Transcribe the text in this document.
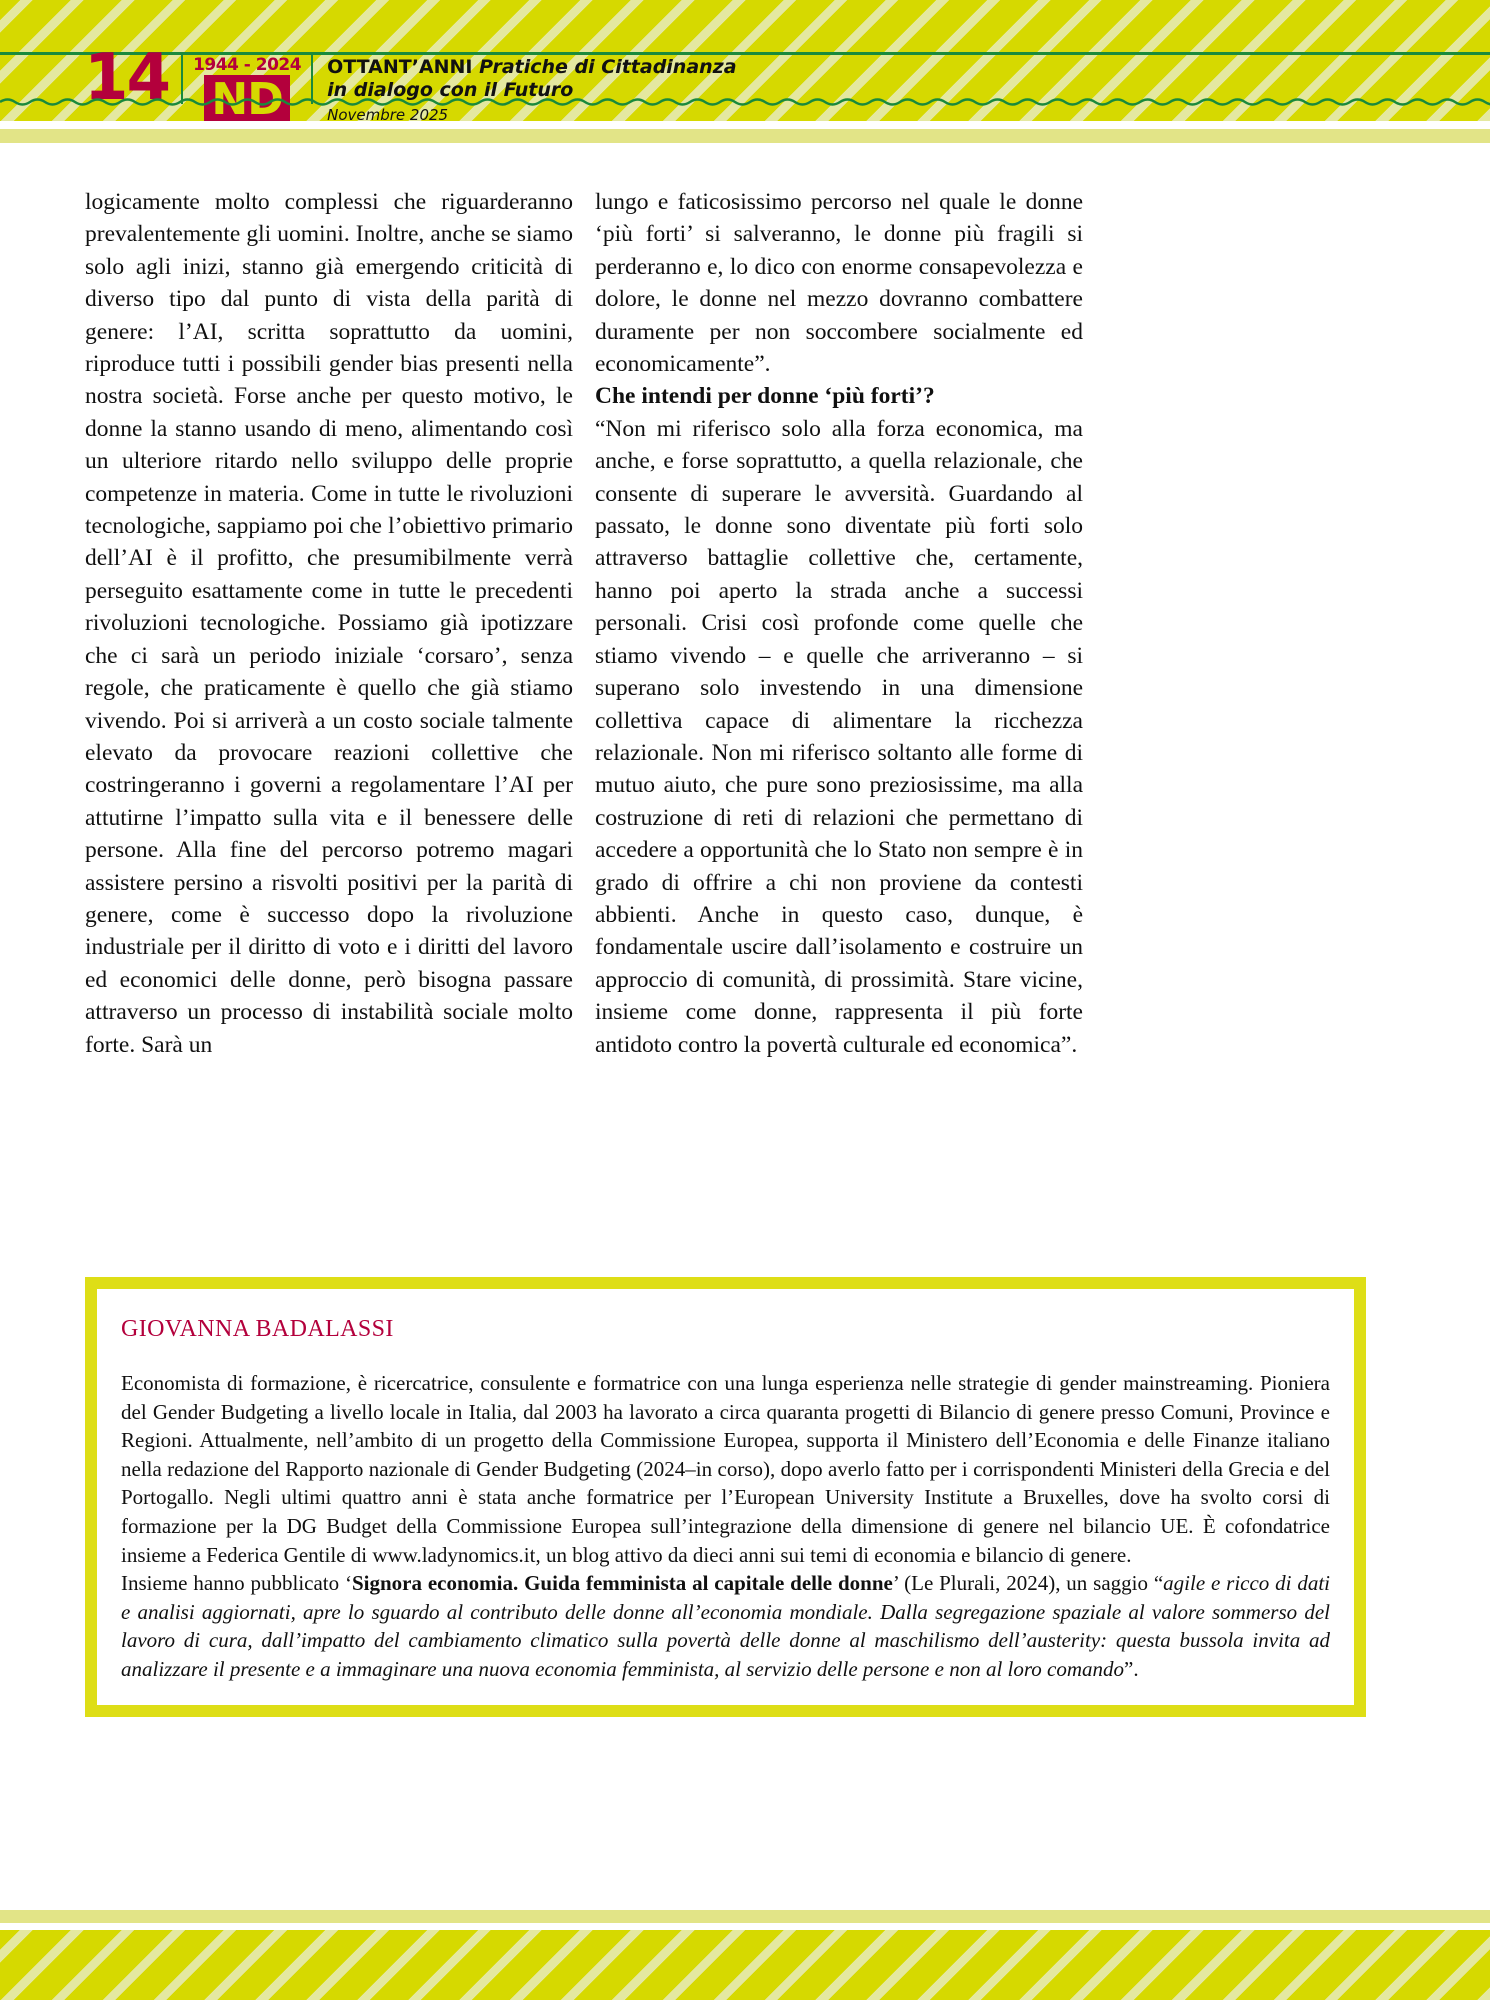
14	1944 - 2024
ND
OTTANT’ANNI Pratiche di Cittadinanza
in dialogo con il Futuro
Novembre 2025

logicamente molto complessi che riguarderanno prevalentemente gli uomini. Inoltre, anche se siamo solo agli inizi, stanno già emergendo criticità di diverso tipo dal punto di vista della parità di genere: l’AI, scritta soprattutto da uomini, riproduce tutti i possibili gender bias presenti nella nostra società. Forse anche per questo motivo, le donne la stanno usando di meno, alimentando così un ulteriore ritardo nello sviluppo delle proprie competenze in materia. Come in tutte le rivoluzioni tecnologiche, sappiamo poi che l’obiettivo primario dell’AI è il profitto, che presumibilmente verrà perseguito esattamente come in tutte le precedenti rivoluzioni tecnologiche. Possiamo già ipotizzare che ci sarà un periodo iniziale ‘corsaro’, senza regole, che praticamente è quello che già stiamo vivendo. Poi si arriverà a un costo sociale talmente elevato da provocare reazioni collettive che costringeranno i governi a regolamentare l’AI per attutirne l’impatto sulla vita e il benessere delle persone. Alla fine del percorso potremo magari assistere persino a risvolti positivi per la parità di genere, come è successo dopo la rivoluzione industriale per il diritto di voto e i diritti del lavoro ed economici delle donne, però bisogna passare attraverso un processo di instabilità sociale molto forte. Sarà un

lungo e faticosissimo percorso nel quale le donne ‘più forti’ si salveranno, le donne più fragili si perderanno e, lo dico con enorme consapevolezza e dolore, le donne nel mezzo dovranno combattere duramente per non soccombere socialmente ed economicamente”.

Che intendi per donne ‘più forti’?

“Non mi riferisco solo alla forza economica, ma anche, e forse soprattutto, a quella relazionale, che consente di superare le avversità. Guardando al passato, le donne sono diventate più forti solo attraverso battaglie collettive che, certamente, hanno poi aperto la strada anche a successi personali. Crisi così profonde come quelle che stiamo vivendo – e quelle che arriveranno – si superano solo investendo in una dimensione collettiva capace di alimentare la ricchezza relazionale. Non mi riferisco soltanto alle forme di mutuo aiuto, che pure sono preziosissime, ma alla costruzione di reti di relazioni che permettano di accedere a opportunità che lo Stato non sempre è in grado di offrire a chi non proviene da contesti abbienti. Anche in questo caso, dunque, è fondamentale uscire dall’isolamento e costruire un approccio di comunità, di prossimità. Stare vicine, insieme come donne, rappresenta il più forte antidoto contro la povertà culturale ed economica”.

GIOVANNA BADALASSI

Economista di formazione, è ricercatrice, consulente e formatrice con una lunga esperienza nelle strategie di gender mainstreaming. Pioniera del Gender Budgeting a livello locale in Italia, dal 2003 ha lavorato a circa quaranta progetti di Bilancio di genere presso Comuni, Province e Regioni. Attualmente, nell’ambito di un progetto della Commissione Europea, supporta il Ministero dell’Economia e delle Finanze italiano nella redazione del Rapporto nazionale di Gender Budgeting (2024–in corso), dopo averlo fatto per i corrispondenti Ministeri della Grecia e del Portogallo. Negli ultimi quattro anni è stata anche formatrice per l’European University Institute a Bruxelles, dove ha svolto corsi di formazione per la DG Budget della Commissione Europea sull’integrazione della dimensione di genere nel bilancio UE. È cofondatrice insieme a Federica Gentile di www.ladynomics.it, un blog attivo da dieci anni sui temi di economia e bilancio di genere.

Insieme hanno pubblicato ‘Signora economia. Guida femminista al capitale delle donne’ (Le Plurali, 2024), un saggio “agile e ricco di dati e analisi aggiornati, apre lo sguardo al contributo delle donne all’economia mondiale. Dalla segregazione spaziale al valore sommerso del lavoro di cura, dall’impatto del cambiamento climatico sulla povertà delle donne al maschilismo dell’austerity: questa bussola invita ad analizzare il presente e a immaginare una nuova economia femminista, al servizio delle persone e non al loro comando”.
